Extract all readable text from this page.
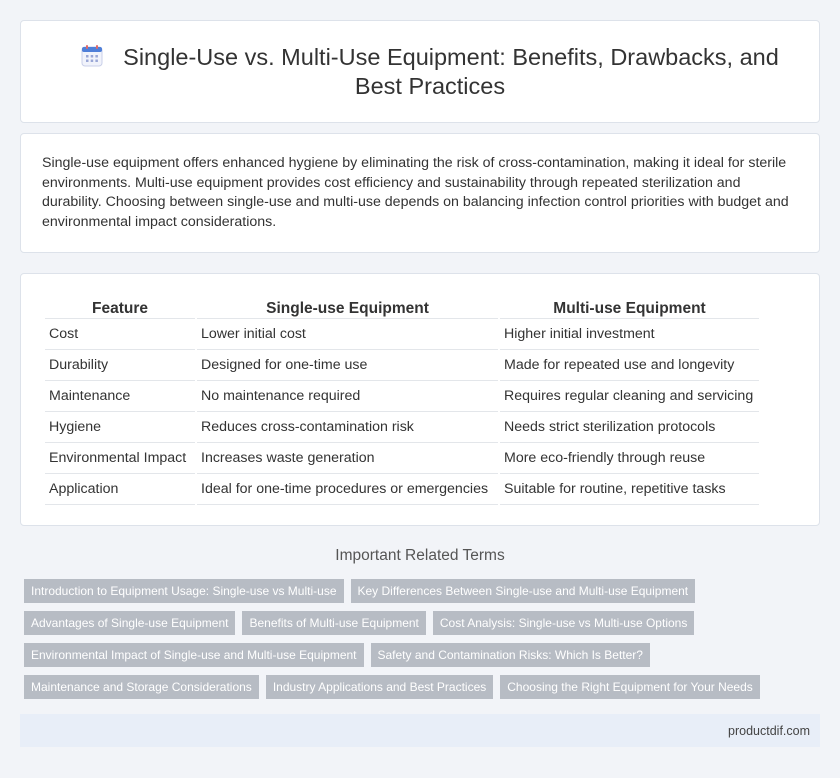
Single-Use vs. Multi-Use Equipment: Benefits, Drawbacks, and
Best Practices

Single-use equipment offers enhanced hygiene by eliminating the risk of cross-contamination, making it ideal for sterile environments. Multi-use equipment provides cost efficiency and sustainability through repeated sterilization and durability. Choosing between single-use and multi-use depends on balancing infection control priorities with budget and environmental impact considerations.

Feature	Single-use Equipment	Multi-use Equipment
Cost	Lower initial cost	Higher initial investment
Durability	Designed for one-time use	Made for repeated use and longevity
Maintenance	No maintenance required	Requires regular cleaning and servicing
Hygiene	Reduces cross-contamination risk	Needs strict sterilization protocols
Environmental Impact	Increases waste generation	More eco-friendly through reuse
Application	Ideal for one-time procedures or emergencies	Suitable for routine, repetitive tasks
Important Related Terms
Introduction to Equipment Usage: Single-use vs Multi-use	Key Differences Between Single-use and Multi-use Equipment
Advantages of Single-use Equipment	Benefits of Multi-use Equipment	Cost Analysis: Single-use vs Multi-use Options
Environmental Impact of Single-use and Multi-use Equipment	Safety and Contamination Risks: Which Is Better?
Maintenance and Storage Considerations	Industry Applications and Best Practices	Choosing the Right Equipment for Your Needs
productdif.com
